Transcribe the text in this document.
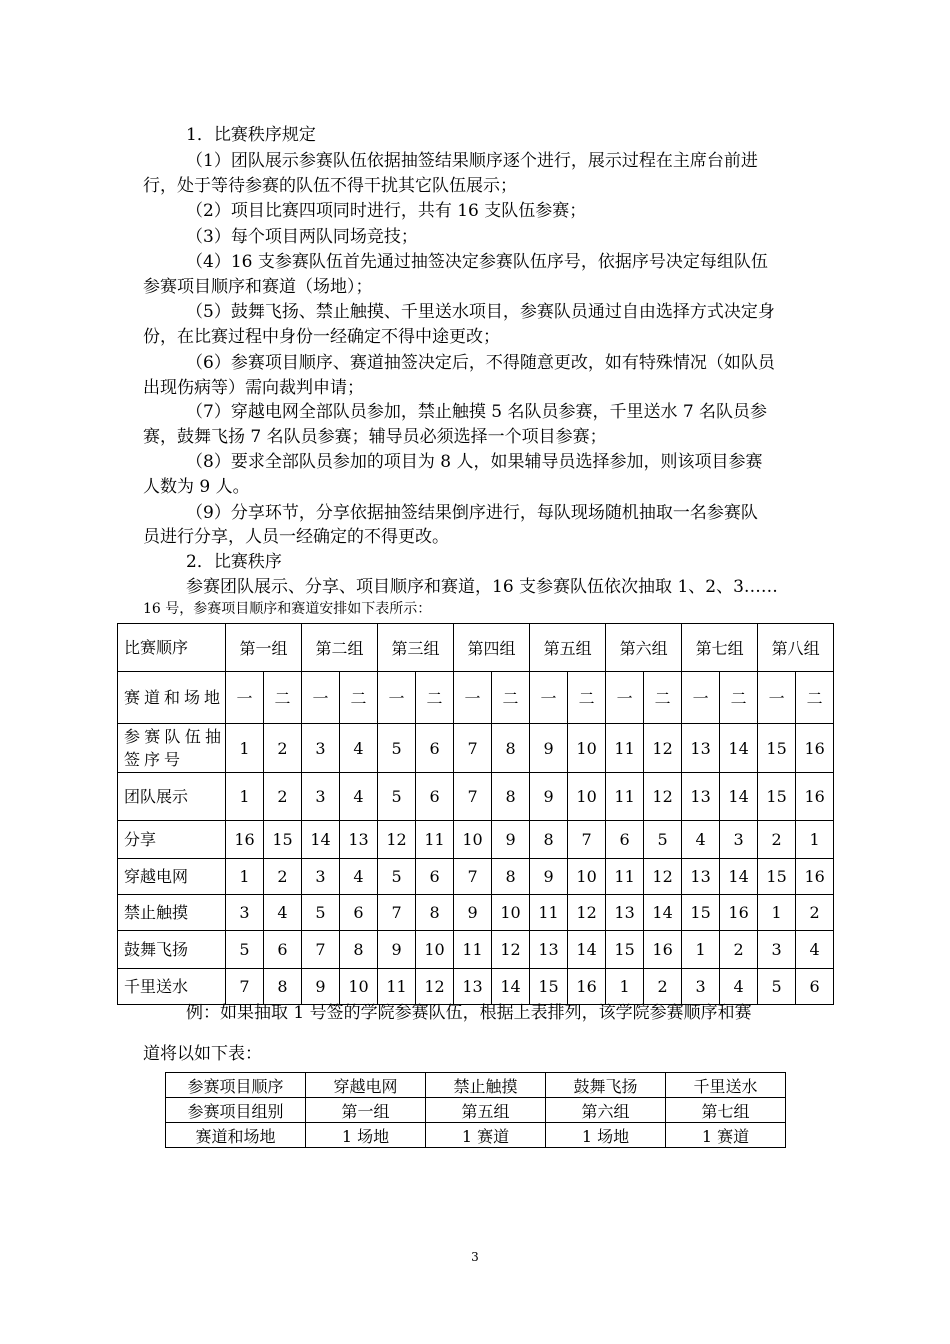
1．比赛秩序规定
（1）团队展示参赛队伍依据抽签结果顺序逐个进行，展示过程在主席台前进
行，处于等待参赛的队伍不得干扰其它队伍展示；
（2）项目比赛四项同时进行，共有 16 支队伍参赛；
（3）每个项目两队同场竞技；
（4）16 支参赛队伍首先通过抽签决定参赛队伍序号，依据序号决定每组队伍
参赛项目顺序和赛道（场地）；
（5）鼓舞飞扬、禁止触摸、千里送水项目，参赛队员通过自由选择方式决定身
份，在比赛过程中身份一经确定不得中途更改；
（6）参赛项目顺序、赛道抽签决定后，不得随意更改，如有特殊情况（如队员
出现伤病等）需向裁判申请；
（7）穿越电网全部队员参加，禁止触摸 5 名队员参赛，千里送水 7 名队员参
赛，鼓舞飞扬 7 名队员参赛；辅导员必须选择一个项目参赛；
（8）要求全部队员参加的项目为 8 人，如果辅导员选择参加，则该项目参赛
人数为 9 人。
（9）分享环节，分享依据抽签结果倒序进行，每队现场随机抽取一名参赛队
员进行分享，人员一经确定的不得更改。
2．比赛秩序
参赛团队展示、分享、项目顺序和赛道，16 支参赛队伍依次抽取 1、2、3……
16 号，参赛项目顺序和赛道安排如下表所示：
比赛顺序	第一组		第二组		第三组		第四组		第五组		第六组		第七组		第八组	
赛道和场地	一	二	一	二	一	二	一	二	一	二	一	二	一	二	一	二
参赛队伍抽签序号	1	2	3	4	5	6	7	8	9	10	11	12	13	14	15	16
团队展示	1	2	3	4	5	6	7	8	9	10	11	12	13	14	15	16
分享	16	15	14	13	12	11	10	9	8	7	6	5	4	3	2	1
穿越电网	1	2	3	4	5	6	7	8	9	10	11	12	13	14	15	16
禁止触摸	3	4	5	6	7	8	9	10	11	12	13	14	15	16	1	2
鼓舞飞扬	5	6	7	8	9	10	11	12	13	14	15	16	1	2	3	4
千里送水	7	8	9	10	11	12	13	14	15	16	1	2	3	4	5	6
例：如果抽取 1 号签的学院参赛队伍，根据上表排列，该学院参赛顺序和赛
道将以如下表：
参赛项目顺序	穿越电网	禁止触摸	鼓舞飞扬	千里送水
参赛项目组别	第一组	第五组	第六组	第七组
赛道和场地	1 场地	1 赛道	1 场地	1 赛道
3
